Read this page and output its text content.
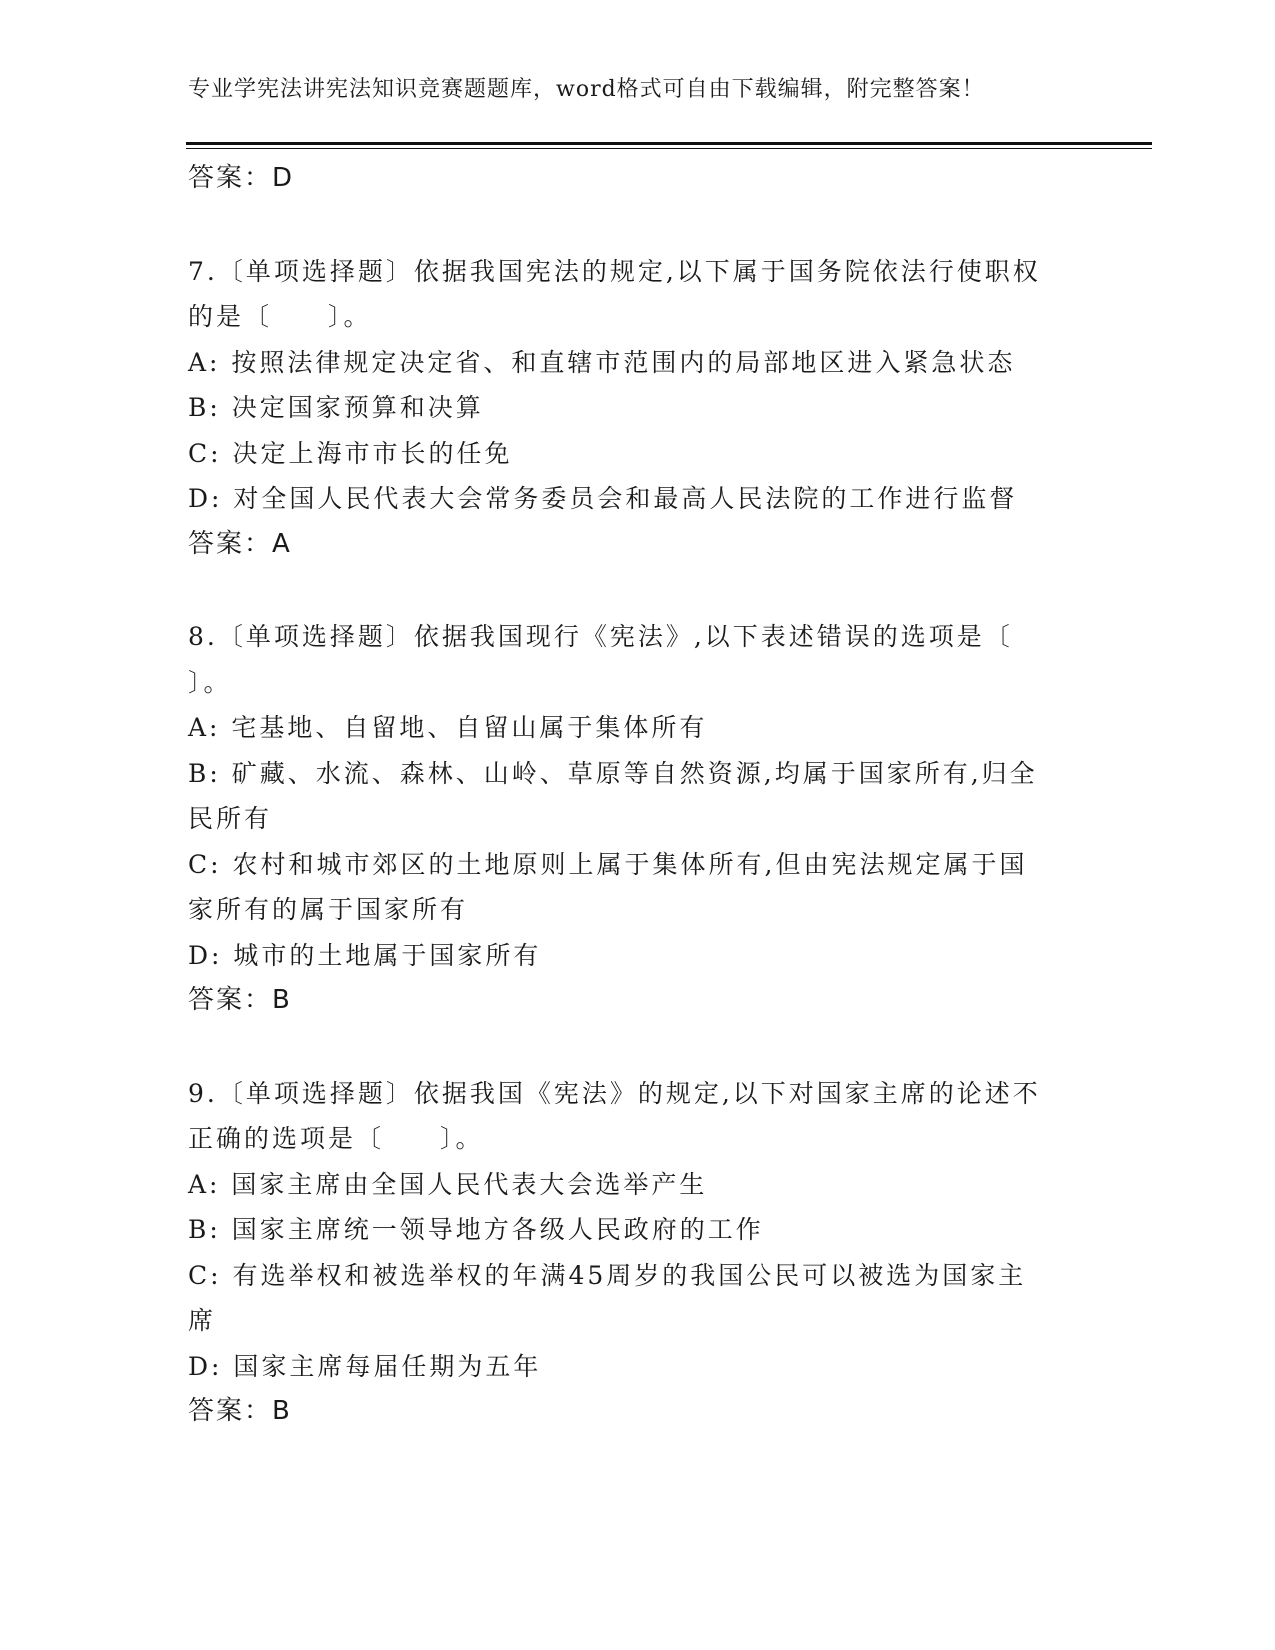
专业学宪法讲宪法知识竞赛题题库，word格式可自由下载编辑，附完整答案！
答案：D
7.〔单项选择题〕依据我国宪法的规定,以下属于国务院依法行使职权
的是〔　　〕。
A: 按照法律规定决定省、和直辖市范围内的局部地区进入紧急状态
B: 决定国家预算和决算
C: 决定上海市市长的任免
D: 对全国人民代表大会常务委员会和最高人民法院的工作进行监督
答案：A
8.〔单项选择题〕依据我国现行《宪法》,以下表述错误的选项是〔
〕。
A: 宅基地、自留地、自留山属于集体所有
B: 矿藏、水流、森林、山岭、草原等自然资源,均属于国家所有,归全
民所有
C: 农村和城市郊区的土地原则上属于集体所有,但由宪法规定属于国
家所有的属于国家所有
D: 城市的土地属于国家所有
答案：B
9.〔单项选择题〕依据我国《宪法》的规定,以下对国家主席的论述不
正确的选项是〔　　〕。
A: 国家主席由全国人民代表大会选举产生
B: 国家主席统一领导地方各级人民政府的工作
C: 有选举权和被选举权的年满45周岁的我国公民可以被选为国家主
席
D: 国家主席每届任期为五年
答案：B
